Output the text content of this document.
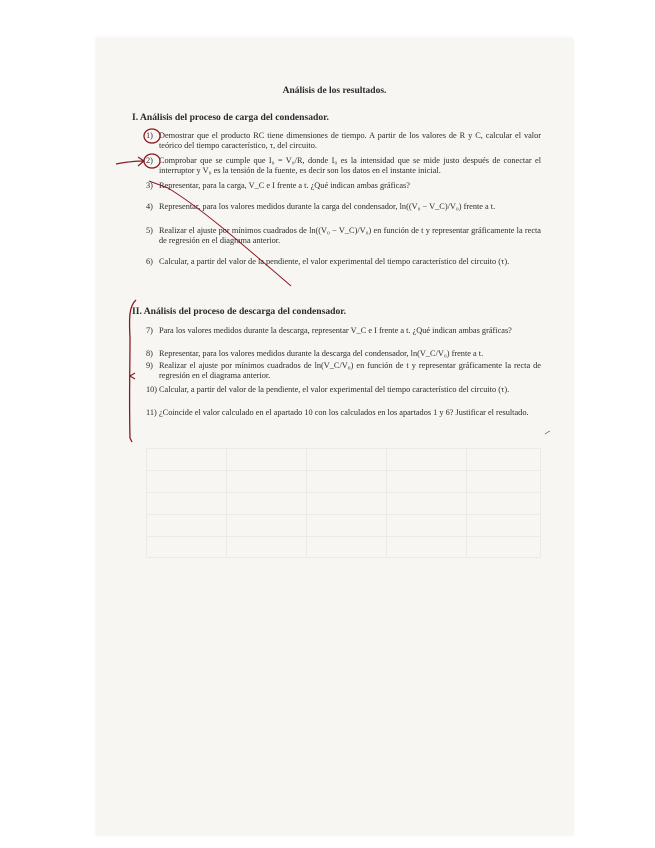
Análisis de los resultados.
I. Análisis del proceso de carga del condensador.
1) Demostrar que el producto RC tiene dimensiones de tiempo. A partir de los valores de R y C, calcular el valor teórico del tiempo característico, τ, del circuito.
2) Comprobar que se cumple que I₀ = V₀/R, donde I₀ es la intensidad que se mide justo después de conectar el interruptor y V₀ es la tensión de la fuente, es decir son los datos en el instante inicial.
3) Representar, para la carga, V_C e I frente a t. ¿Qué indican ambas gráficas?
4) Representar, para los valores medidos durante la carga del condensador, ln((V₀ − V_C)/V₀) frente a t.
5) Realizar el ajuste por mínimos cuadrados de ln((V₀ − V_C)/V₀) en función de t y representar gráficamente la recta de regresión en el diagrama anterior.
6) Calcular, a partir del valor de la pendiente, el valor experimental del tiempo característico del circuito (τ).
II. Análisis del proceso de descarga del condensador.
7) Para los valores medidos durante la descarga, representar V_C e I frente a t. ¿Qué indican ambas gráficas?
8) Representar, para los valores medidos durante la descarga del condensador, ln(V_C/V₀) frente a t.
9) Realizar el ajuste por mínimos cuadrados de ln(V_C/V₀) en función de t y representar gráficamente la recta de regresión en el diagrama anterior.
10) Calcular, a partir del valor de la pendiente, el valor experimental del tiempo característico del circuito (τ).
11) ¿Coincide el valor calculado en el apartado 10 con los calculados en los apartados 1 y 6? Justificar el resultado.
